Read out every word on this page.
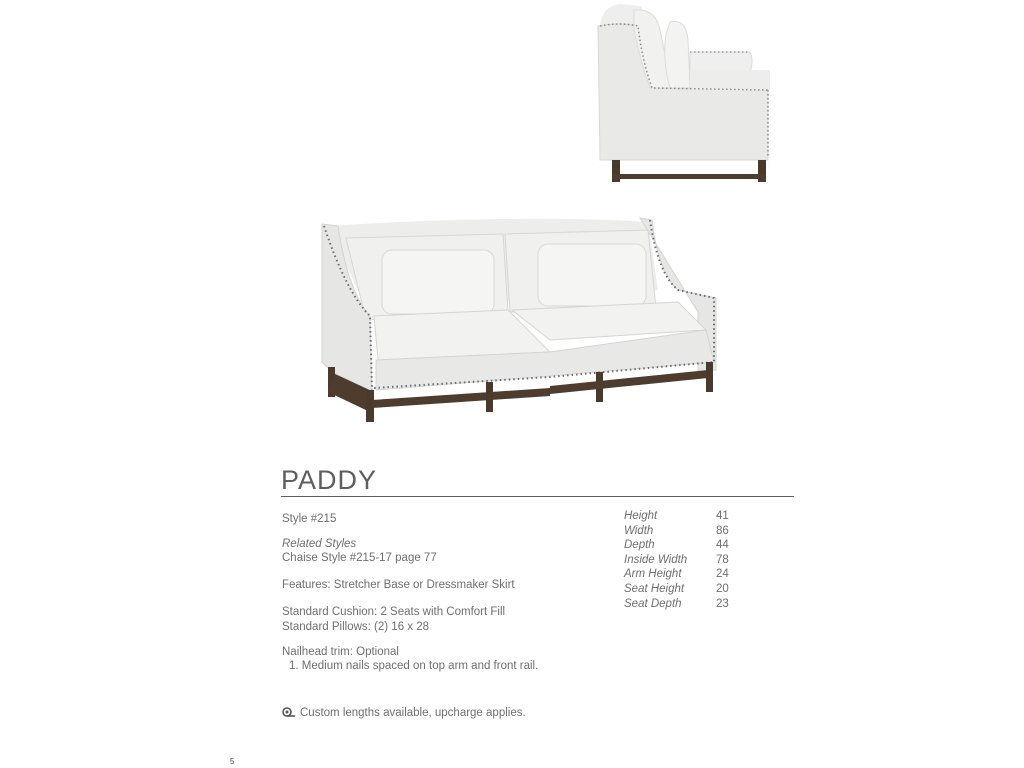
PADDY
Style #215
Related Styles
Chaise Style #215-17 page 77
Features: Stretcher Base or Dressmaker Skirt
Standard Cushion: 2 Seats with Comfort Fill
Standard Pillows: (2) 16 x 28
Nailhead trim: Optional
1. Medium nails spaced on top arm and front rail.
Custom lengths available, upcharge applies.
Height	41
Width	86
Depth	44
Inside Width	78
Arm Height	24
Seat Height	20
Seat Depth	23
5
